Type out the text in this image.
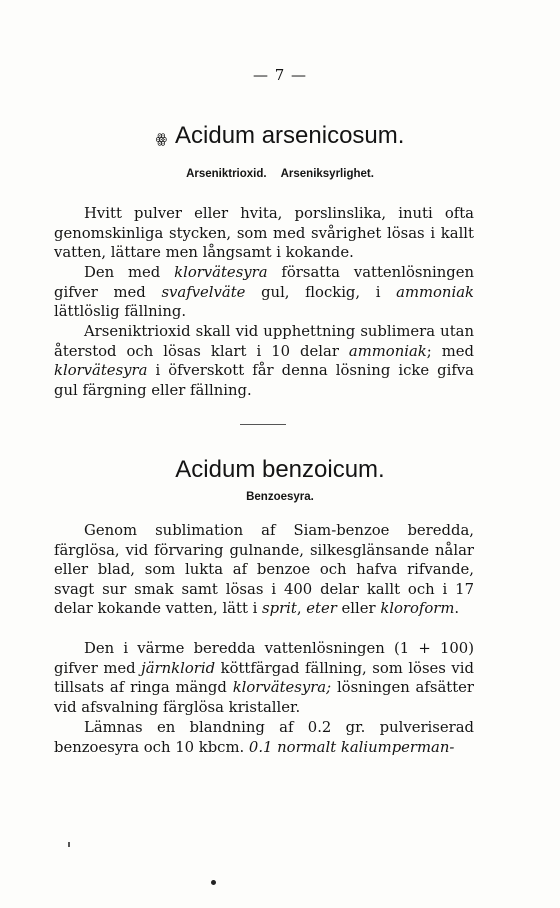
— 7 —
ꙮ Acidum arsenicosum.
Arseniktrioxid. Arseniksyrlighet.

Hvitt pulver eller hvita, porslinslika, inuti ofta genomskinliga stycken, som med svårighet lösas i kallt vatten, lättare men långsamt i kokande.

Den med klorvätesyra försatta vattenlösningen gifver med svafvelväte gul, flockig, i ammoniak lättlöslig fällning.

Arseniktrioxid skall vid upphettning sublimera utan återstod och lösas klart i 10 delar ammoniak; med klorvätesyra i öfverskott får denna lösning icke gifva gul färgning eller fällning.

Acidum benzoicum.
Benzoesyra.

Genom sublimation af Siam-benzoe beredda, färglösa, vid förvaring gulnande, silkesglänsande nålar eller blad, som lukta af benzoe och hafva rifvande, svagt sur smak samt lösas i 400 delar kallt och i 17 delar kokande vatten, lätt i sprit, eter eller kloroform.

Den i värme beredda vattenlösningen (1 + 100) gifver med järnklorid köttfärgad fällning, som löses vid tillsats af ringa mängd klorvätesyra; lösningen afsätter vid afsvalning färglösa kristaller.

Lämnas en blandning af 0.2 gr. pulveriserad benzoesyra och 10 kbcm. 0.1 normalt kaliumperman-
